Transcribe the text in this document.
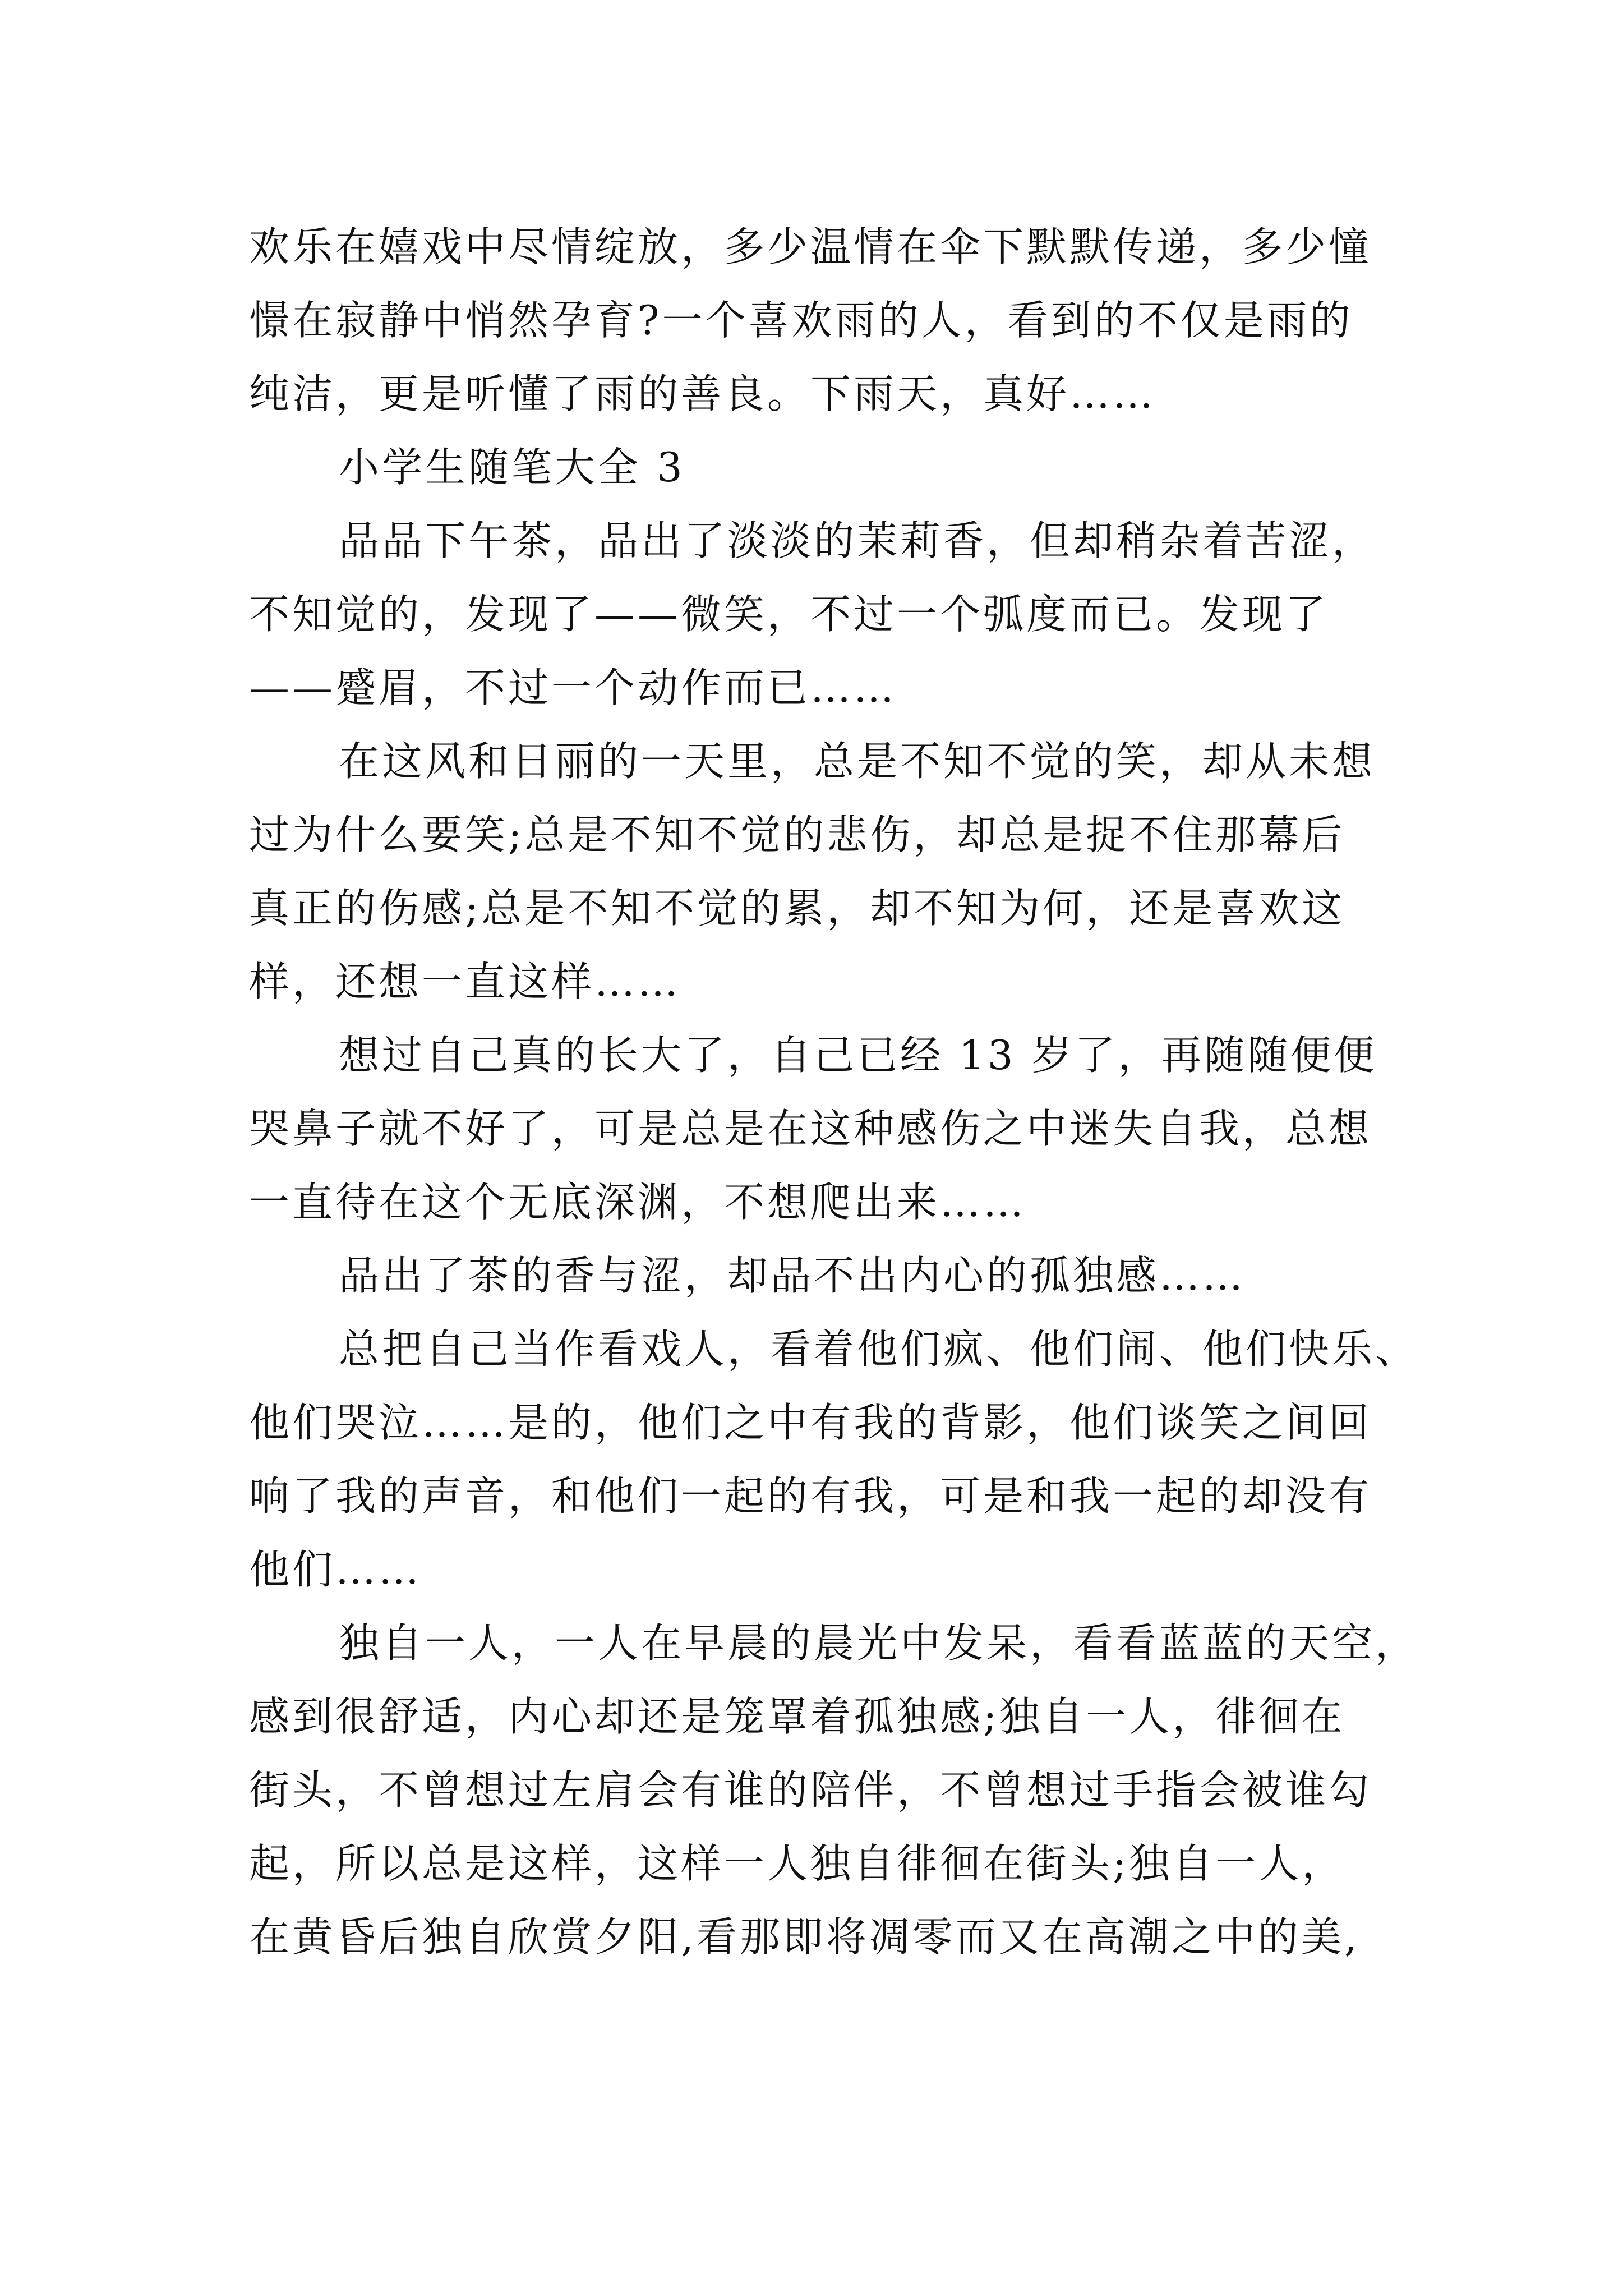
欢乐在嬉戏中尽情绽放，多少温情在伞下默默传递，多少憧
憬在寂静中悄然孕育?一个喜欢雨的人，看到的不仅是雨的
纯洁，更是听懂了雨的善良。下雨天，真好……
小学生随笔大全 3
品品下午茶，品出了淡淡的茉莉香，但却稍杂着苦涩，
不知觉的，发现了——微笑，不过一个弧度而已。发现了
——蹙眉，不过一个动作而已……
在这风和日丽的一天里，总是不知不觉的笑，却从未想
过为什么要笑;总是不知不觉的悲伤，却总是捉不住那幕后
真正的伤感;总是不知不觉的累，却不知为何，还是喜欢这
样，还想一直这样……
想过自己真的长大了，自己已经 13 岁了，再随随便便
哭鼻子就不好了，可是总是在这种感伤之中迷失自我，总想
一直待在这个无底深渊，不想爬出来……
品出了茶的香与涩，却品不出内心的孤独感……
总把自己当作看戏人，看着他们疯、他们闹、他们快乐、
他们哭泣……是的，他们之中有我的背影，他们谈笑之间回
响了我的声音，和他们一起的有我，可是和我一起的却没有
他们……
独自一人，一人在早晨的晨光中发呆，看看蓝蓝的天空，
感到很舒适，内心却还是笼罩着孤独感;独自一人，徘徊在
街头，不曾想过左肩会有谁的陪伴，不曾想过手指会被谁勾
起，所以总是这样，这样一人独自徘徊在街头;独自一人，
在黄昏后独自欣赏夕阳,看那即将凋零而又在高潮之中的美,
